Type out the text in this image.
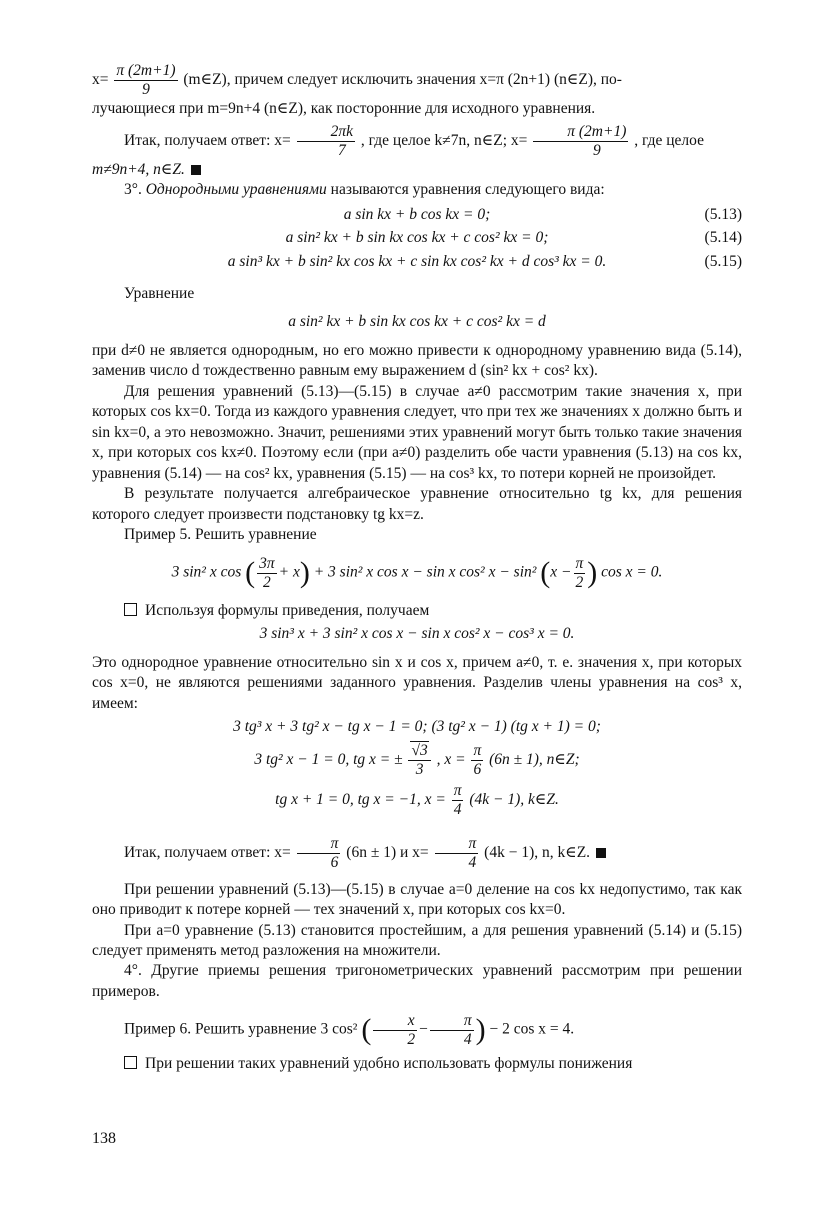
$x= \frac{\pi (2m+1)}{9}$ (m∈Z), причем следует исключить значения x=π (2n+1) (n∈Z), по-

лучающиеся при m=9n+4 (n∈Z), как посторонние для исходного уравнения.

Итак, получаем ответ: $x= \frac{2\pi k}{7}$ , где целое k≠7n, n∈Z; $x= \frac{\pi (2m+1)}{9}$ , где целое

m≠9n+4, n∈Z.

3°. Однородными уравнениями называются уравнения следующего вида:

a sin kx + b cos kx = 0;	(5.13)
a sin² kx + b sin kx cos kx + c cos² kx = 0;	(5.14)
a sin³ kx + b sin² kx cos kx + c sin kx cos² kx + d cos³ kx = 0.	(5.15)

Уравнение

a sin² kx + b sin kx cos kx + c cos² kx = d

при d≠0 не является однородным, но его можно привести к однородному уравнению вида (5.14), заменив число d тождественно равным ему выражением d (sin² kx + cos² kx).

Для решения уравнений (5.13)—(5.15) в случае a≠0 рассмотрим такие значения x, при которых cos kx=0. Тогда из каждого уравнения следует, что при тех же значениях x должно быть и sin kx=0, а это невозможно. Значит, решениями этих уравнений могут быть только такие значения x, при которых cos kx≠0. Поэтому если (при a≠0) разделить обе части уравнения (5.13) на cos kx, уравнения (5.14) — на cos² kx, уравнения (5.15) — на cos³ kx, то потери корней не произойдет.

В результате получается алгебраическое уравнение относительно tg kx, для решения которого следует произвести подстановку tg kx=z.

Пример 5. Решить уравнение

3 sin² x cos ( $\frac{3\pi}{2} + x) + 3$ sin² x cos x − sin x cos² x − sin² ($x - \frac{\pi}{2}$ ) cos x = 0.

Используя формулы приведения, получаем

3 sin³ x + 3 sin² x cos x − sin x cos² x − cos³ x = 0.

Это однородное уравнение относительно sin x и cos x, причем a≠0, т. е. значения x, при которых cos x=0, не являются решениями заданного уравнения. Разделив члены уравнения на cos³ x, имеем:

3 tg³ x + 3 tg² x − tg x − 1 = 0; (3 tg² x − 1) (tg x + 1) = 0;
3 tg² x − 1 = 0, tg x = ± $\frac{√3}{3}$ , $x = \frac{\pi}{6} (6n \pm 1)$, n∈Z;
tg x + 1 = 0, tg x = −1, $x = \frac{\pi}{4} (4k - 1)$, k∈Z.

Итак, получаем ответ: $x= \frac{\pi}{6} (6n \pm 1)$ и $x= \frac{\pi}{4} (4k - 1)$, n, k∈Z.

При решении уравнений (5.13)—(5.15) в случае a=0 деление на cos kx недопустимо, так как оно приводит к потере корней — тех значений x, при которых cos kx=0.

При a=0 уравнение (5.13) становится простейшим, а для решения уравнений (5.14) и (5.15) следует применять метод разложения на множители.

4°. Другие приемы решения тригонометрических уравнений рассмотрим при решении примеров.

Пример 6. Решить уравнение 3 cos² ( $\frac{x}{2} - \frac{\pi}{4}$ ) − 2 cos x = 4.

При решении таких уравнений удобно использовать формулы понижения

138
